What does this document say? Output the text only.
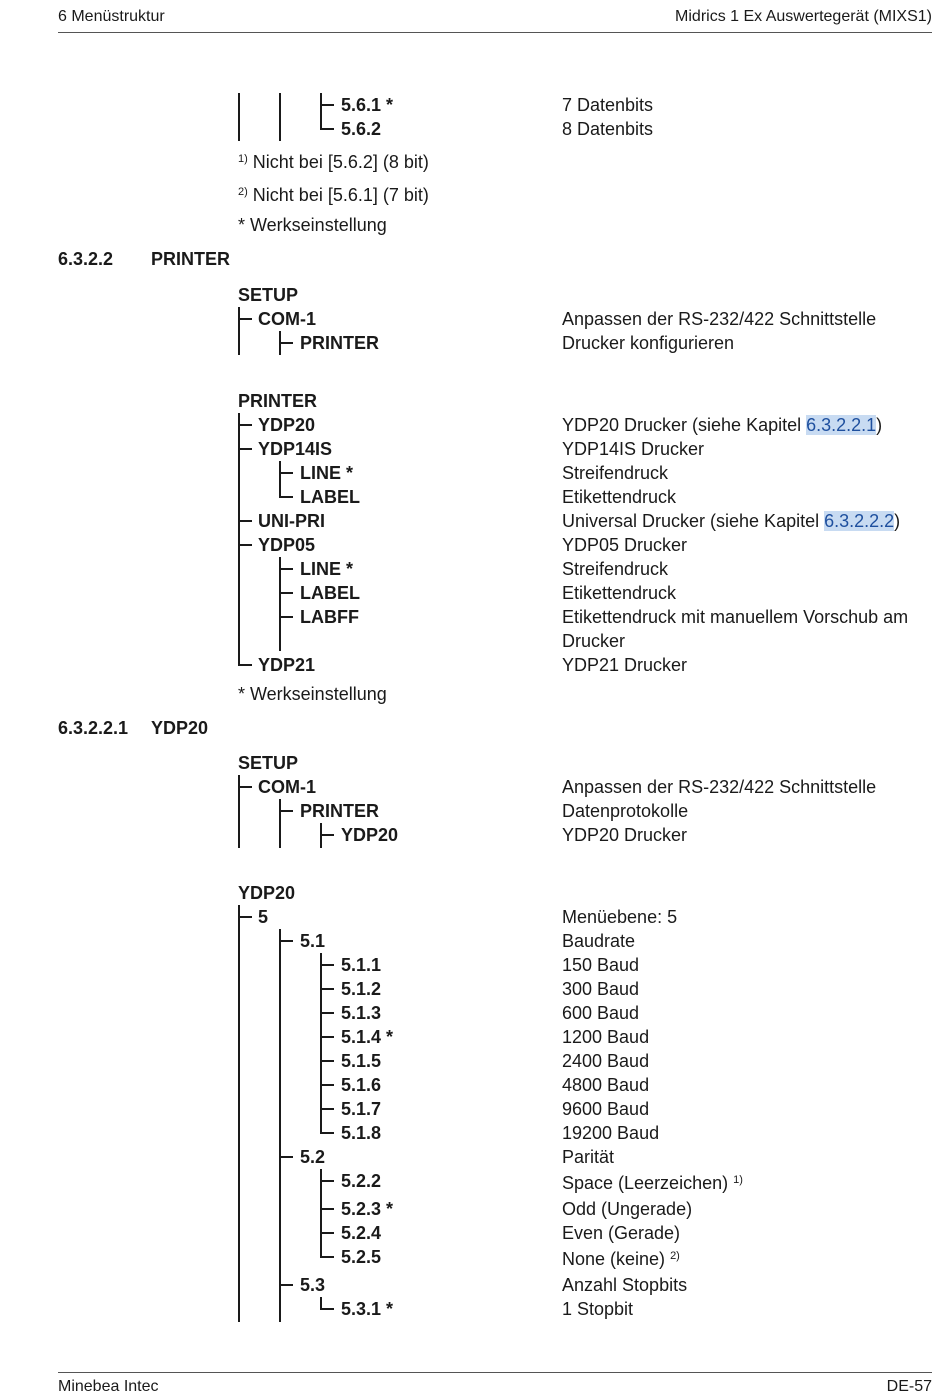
6 Menüstruktur	Midrics 1 Ex Auswertegerät (MIXS1)
5.6.1 *	7 Datenbits
5.6.2	8 Datenbits
$^{1)}$ Nicht bei [5.6.2] (8 bit)
$^{2)}$ Nicht bei [5.6.1] (7 bit)
* Werkseinstellung
6.3.2.2 PRINTER
SETUP
COM-1	Anpassen der RS-232/422 Schnittstelle
PRINTER	Drucker konfigurieren
PRINTER
YDP20	YDP20 Drucker (siehe Kapitel 6.3.2.2.1)
YDP14IS	YDP14IS Drucker
LINE *	Streifendruck
LABEL	Etikettendruck
UNI-PRI	Universal Drucker (siehe Kapitel 6.3.2.2.2)
YDP05	YDP05 Drucker
LINE *	Streifendruck
LABEL	Etikettendruck
LABFF	Etikettendruck mit manuellem Vorschub am
Drucker
YDP21	YDP21 Drucker
* Werkseinstellung
6.3.2.2.1 YDP20
SETUP
COM-1	Anpassen der RS-232/422 Schnittstelle
PRINTER	Datenprotokolle
YDP20	YDP20 Drucker
YDP20
5	Menüebene: 5
5.1	Baudrate
5.1.1	150 Baud
5.1.2	300 Baud
5.1.3	600 Baud
5.1.4 *	1200 Baud
5.1.5	2400 Baud
5.1.6	4800 Baud
5.1.7	9600 Baud
5.1.8	19200 Baud
5.2	Parität
5.2.2	Space (Leerzeichen) $^{1)}$
5.2.3 *	Odd (Ungerade)
5.2.4	Even (Gerade)
5.2.5	None (keine) $^{2)}$
5.3	Anzahl Stopbits
5.3.1 *	1 Stopbit
Minebea Intec	DE-57
